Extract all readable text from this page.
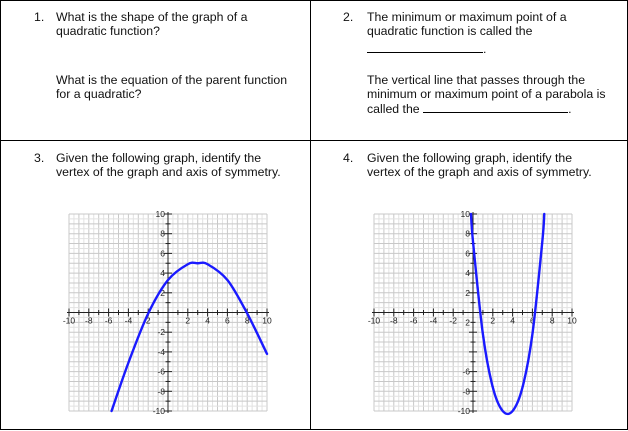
1. What is the shape of the graph of a
quadratic function?
What is the equation of the parent function
for a quadratic?
2. The minimum or maximum point of a
quadratic function is called the
.
The vertical line that passes through the
minimum or maximum point of a parabola is
called the	.
3. Given the following graph, identify the
vertex of the graph and axis of symmetry.
-10 -8 -6 -4 2	2 4 6 8 10
10
8
6
4
2
-2
-4
-6
-8
-10
4. Given the following graph, identify the
vertex of the graph and axis of symmetry.
-10 -8 -6 -4 -2	2 4 6 8 10
10
8
6
4
2
2
-6
-8
-10
